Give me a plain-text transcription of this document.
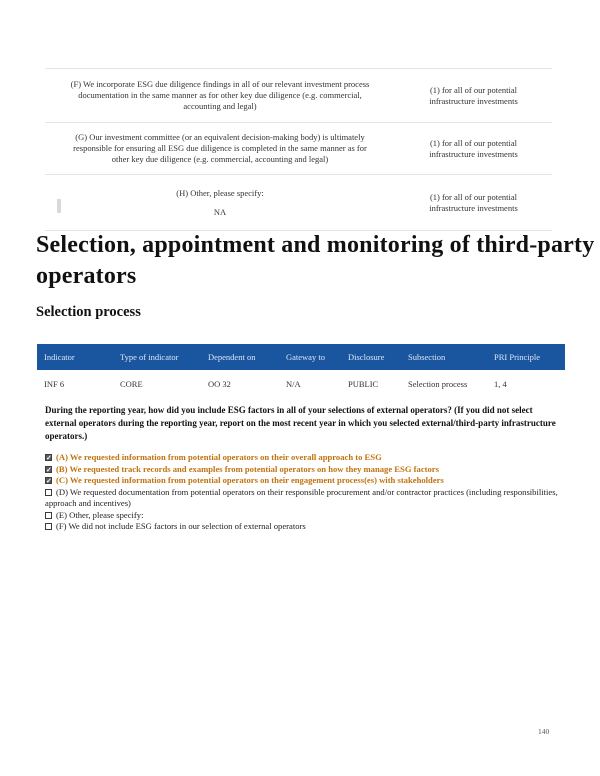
(F) We incorporate ESG due diligence findings in all of our relevant investment process documentation in the same manner as for other key due diligence (e.g. commercial, accounting and legal)
(1) for all of our potential infrastructure investments
(G) Our investment committee (or an equivalent decision-making body) is ultimately responsible for ensuring all ESG due diligence is completed in the same manner as for other key due diligence (e.g. commercial, accounting and legal)
(1) for all of our potential infrastructure investments
(H) Other, please specify:
NA
(1) for all of our potential infrastructure investments
Selection, appointment and monitoring of third-party operators
Selection process
Indicator	Type of indicator	Dependent on	Gateway to	Disclosure	Subsection	PRI Principle
INF 6	CORE	OO 32	N/A	PUBLIC	Selection process	1, 4
During the reporting year, how did you include ESG factors in all of your selections of external operators? (If you did not select external operators during the reporting year, report on the most recent year in which you selected external/third-party infrastructure operators.)
✓(A) We requested information from potential operators on their overall approach to ESG
✓(B) We requested track records and examples from potential operators on how they manage ESG factors
✓(C) We requested information from potential operators on their engagement process(es) with stakeholders
(D) We requested documentation from potential operators on their responsible procurement and/or contractor practices (including responsibilities, approach and incentives)
(E) Other, please specify:
(F) We did not include ESG factors in our selection of external operators
140
